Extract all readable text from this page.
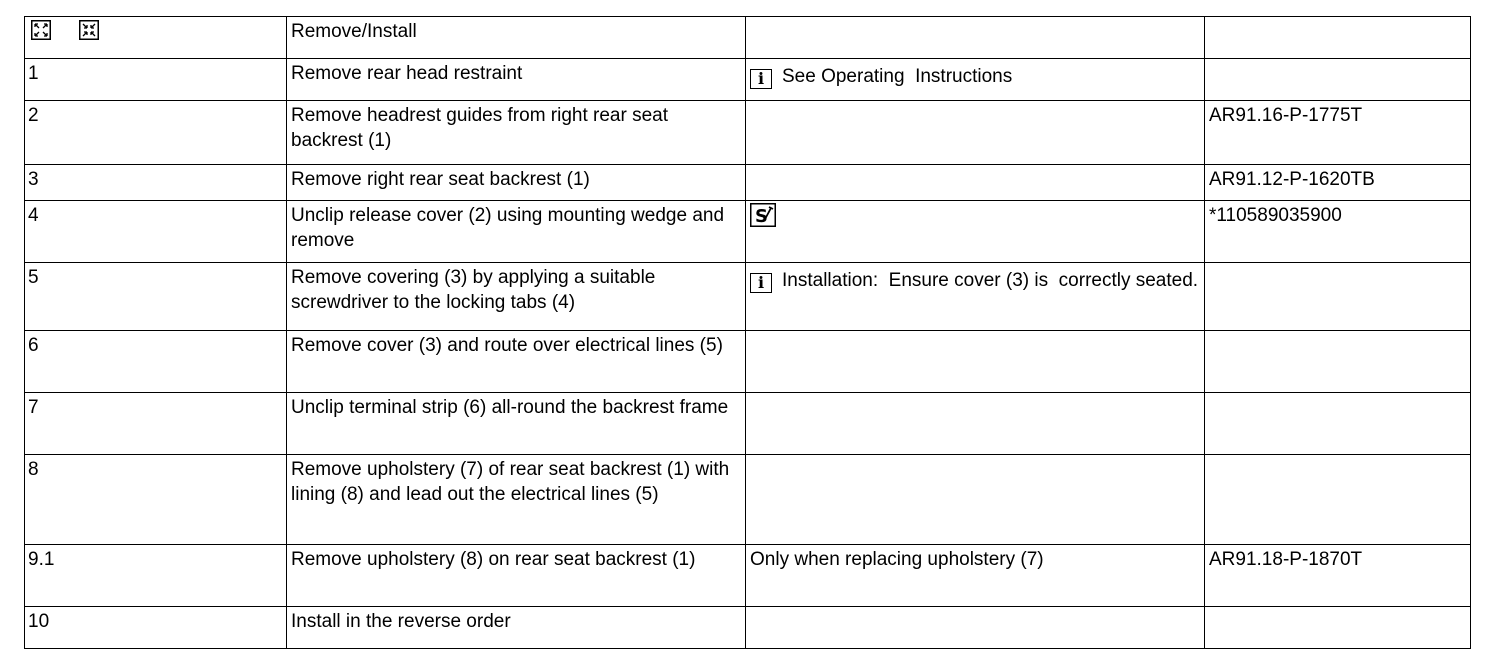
	Remove/Install		
1	Remove rear head restraint	i See Operating  Instructions	
2	Remove headrest guides from right rear seat backrest (1)		AR91.16-P-1775T
3	Remove right rear seat backrest (1)		AR91.12-P-1620TB
4	Unclip release cover (2) using mounting wedge and remove	S	*110589035900
5	Remove covering (3) by applying a suitable screwdriver to the locking tabs (4)	i Installation:  Ensure cover (3) is  correctly seated.	
6	Remove cover (3) and route over electrical lines (5)		
7	Unclip terminal strip (6) all-round the backrest frame		
8	Remove upholstery (7) of rear seat backrest (1) with lining (8) and lead out the electrical lines (5)		
9.1	Remove upholstery (8) on rear seat backrest (1)	Only when replacing upholstery (7)	AR91.18-P-1870T
10	Install in the reverse order		
